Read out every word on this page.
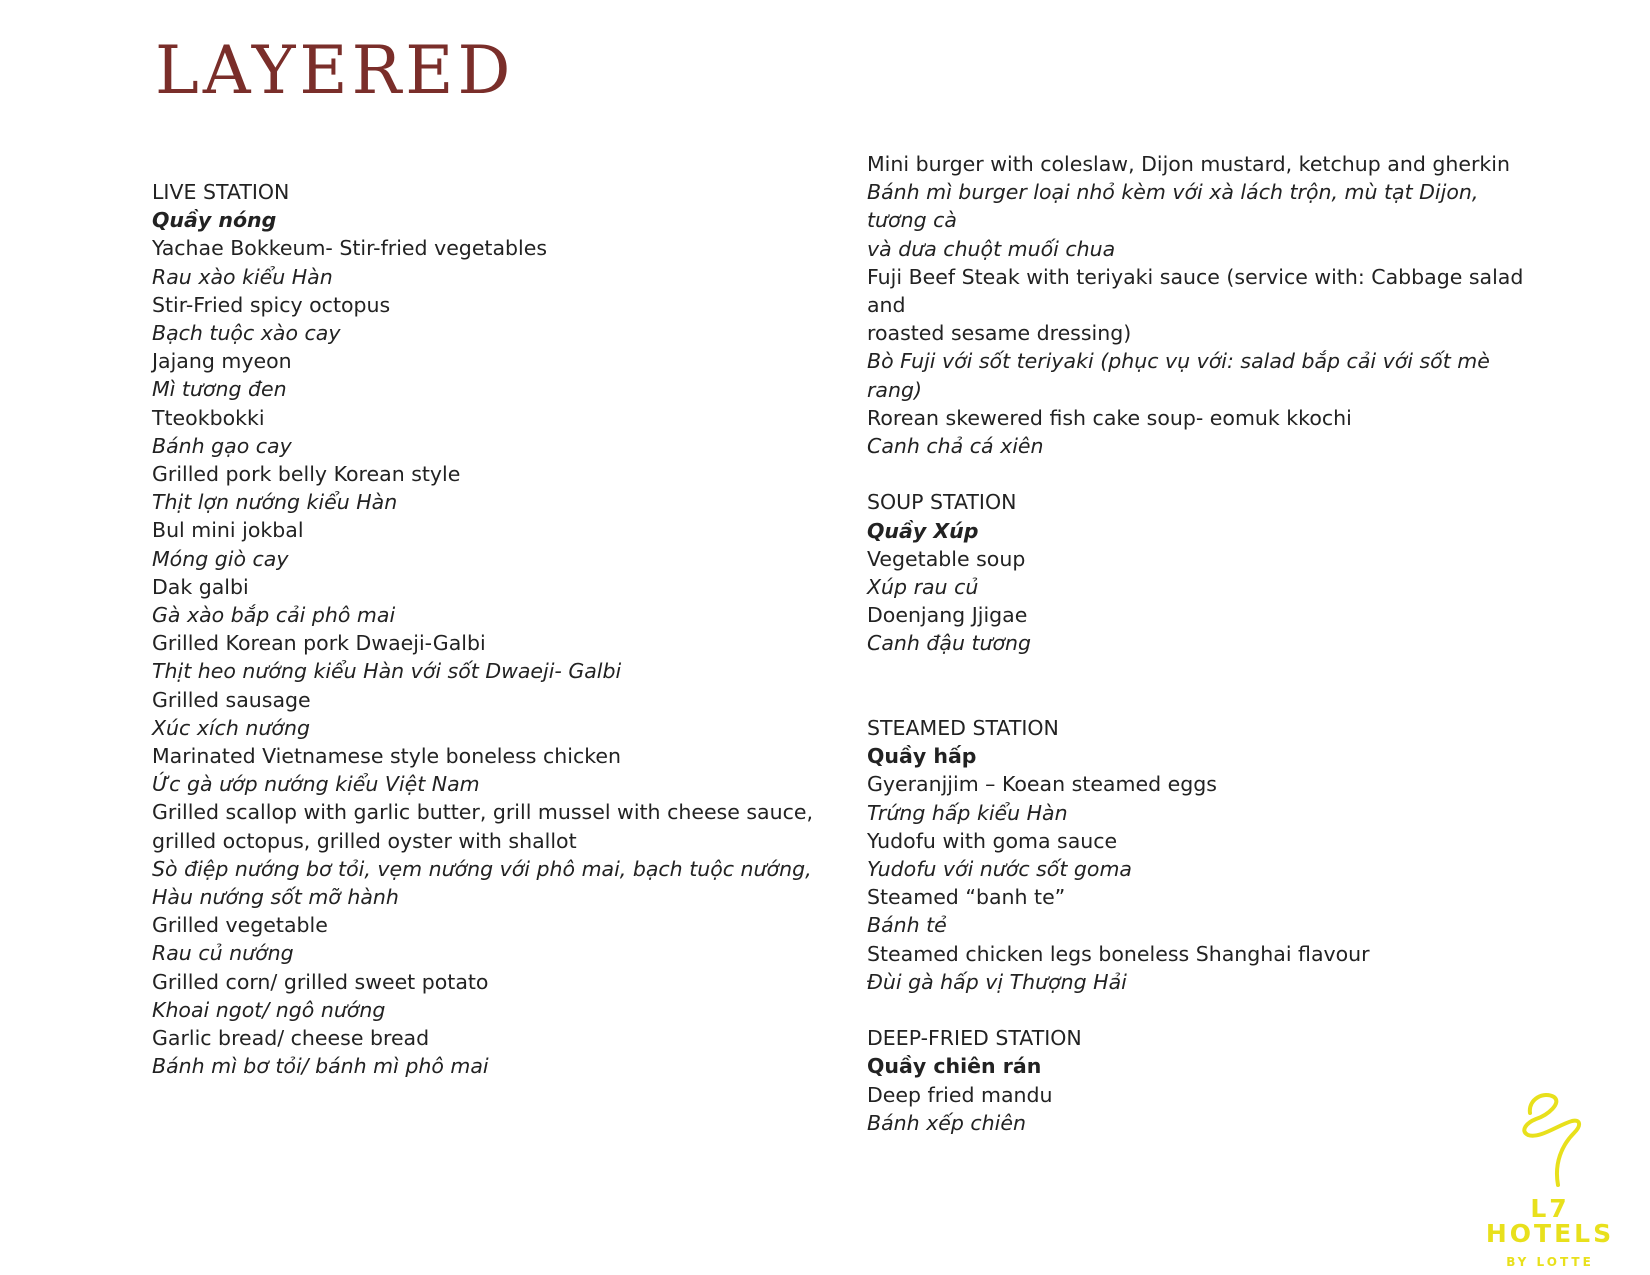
LAYERED
LIVE STATION
Quầy nóng
Yachae Bokkeum- Stir-fried vegetables
Rau xào kiểu Hàn
Stir-Fried spicy octopus
Bạch tuộc xào cay
Jajang myeon
Mì tương đen
Tteokbokki
Bánh gạo cay
Grilled pork belly Korean style
Thịt lợn nướng kiểu Hàn
Bul mini jokbal
Móng giò cay
Dak galbi
Gà xào bắp cải phô mai
Grilled Korean pork Dwaeji-Galbi
Thịt heo nướng kiểu Hàn với sốt Dwaeji- Galbi
Grilled sausage
Xúc xích nướng
Marinated Vietnamese style boneless chicken
Ức gà ướp nướng kiểu Việt Nam
Grilled scallop with garlic butter, grill mussel with cheese sauce,
grilled octopus, grilled oyster with shallot
Sò điệp nướng bơ tỏi, vẹm nướng với phô mai, bạch tuộc nướng,
Hàu nướng sốt mỡ hành
Grilled vegetable
Rau củ nướng
Grilled corn/ grilled sweet potato
Khoai ngot/ ngô nướng
Garlic bread/ cheese bread
Bánh mì bơ tỏi/ bánh mì phô mai
Mini burger with coleslaw, Dijon mustard, ketchup and gherkin
Bánh mì burger loại nhỏ kèm với xà lách trộn, mù tạt Dijon, tương cà
và dưa chuột muối chua
Fuji Beef Steak with teriyaki sauce (service with: Cabbage salad and
roasted sesame dressing)
Bò Fuji với sốt teriyaki (phục vụ với: salad bắp cải với sốt mè rang)
Rorean skewered fish cake soup- eomuk kkochi
Canh chả cá xiên
SOUP STATION
Quầy Xúp
Vegetable soup
Xúp rau củ
Doenjang Jjigae
Canh đậu tương
STEAMED STATION
Quầy hấp
Gyeranjjim – Koean steamed eggs
Trứng hấp kiểu Hàn
Yudofu with goma sauce
Yudofu với nước sốt goma
Steamed “banh te”
Bánh tẻ
Steamed chicken legs boneless Shanghai flavour
Đùi gà hấp vị Thượng Hải
DEEP-FRIED STATION
Quầy chiên rán
Deep fried mandu
Bánh xếp chiên
L7 HOTELS
BY LOTTE
